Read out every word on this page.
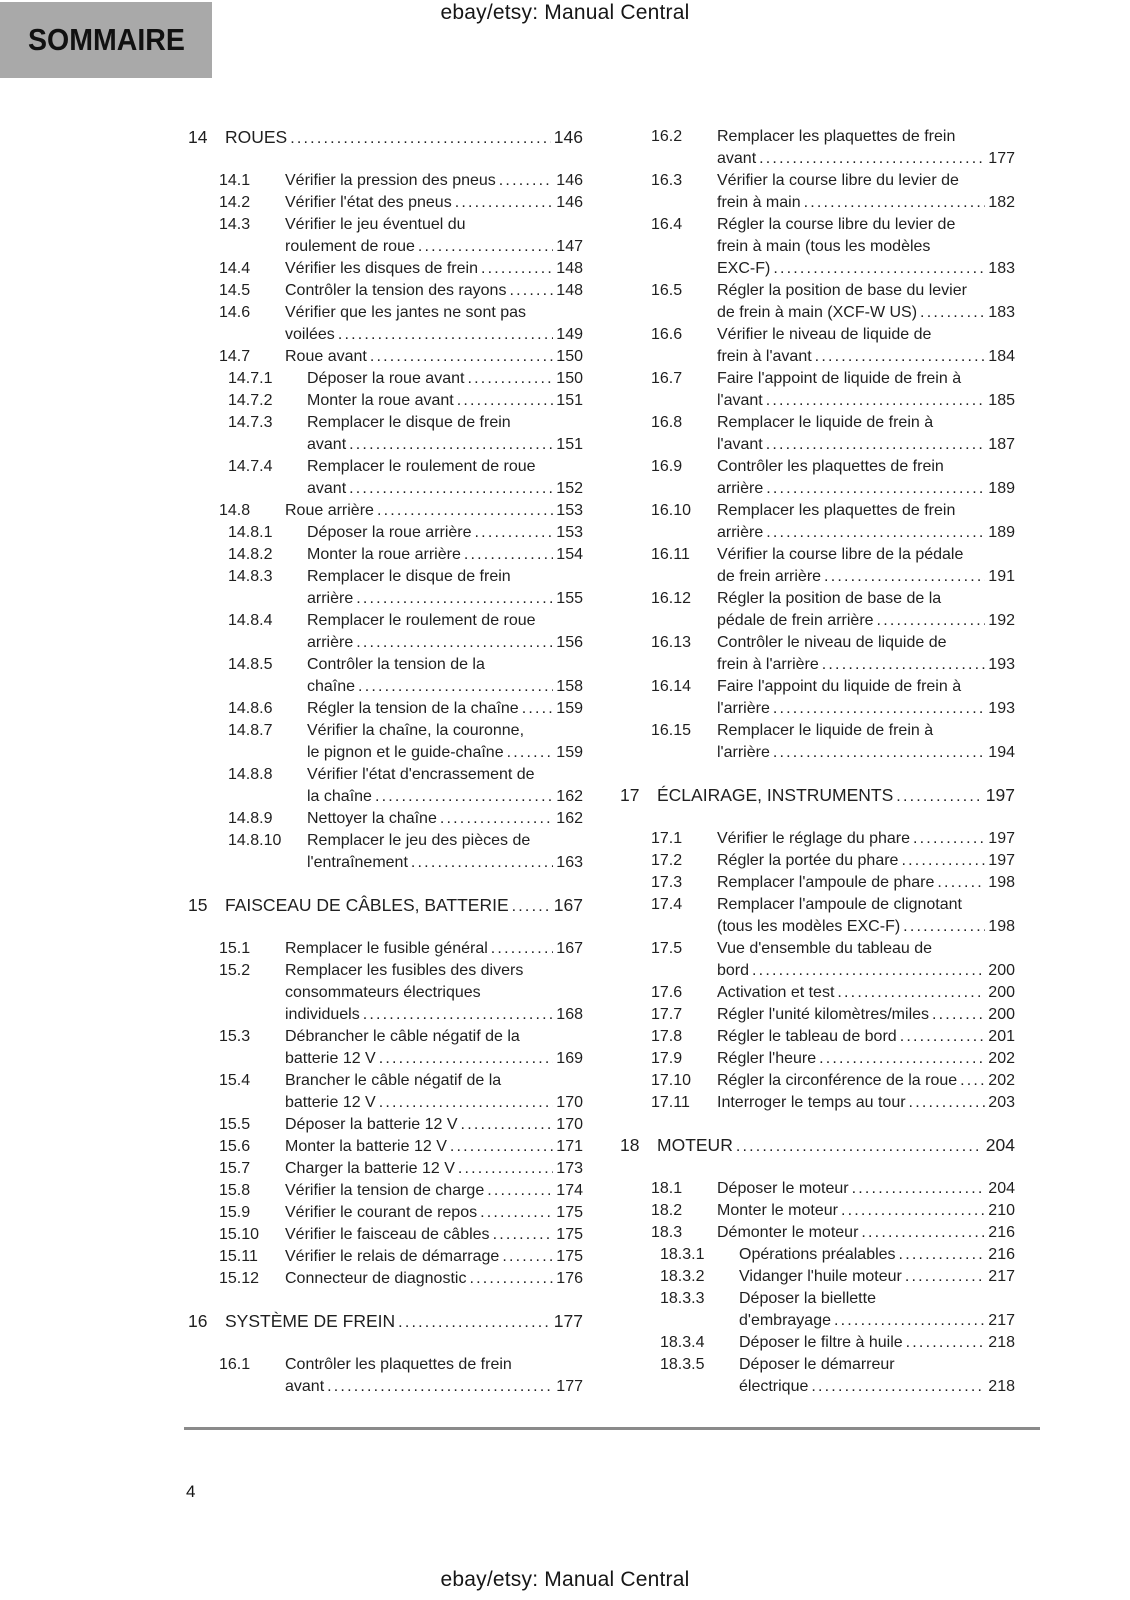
ebay/etsy: Manual Central
SOMMAIRE
14 ROUES .....	146
14.1 Vérifier la pression des pneus .....	146
14.2 Vérifier l'état des pneus .....	146
14.3 Vérifier le jeu éventuel du
roulement de roue .....	147
14.4 Vérifier les disques de frein .....	148
14.5 Contrôler la tension des rayons .....	148
14.6 Vérifier que les jantes ne sont pas
voilées .....	149
14.7 Roue avant .....	150
14.7.1 Déposer la roue avant .....	150
14.7.2 Monter la roue avant .....	151
14.7.3 Remplacer le disque de frein
avant .....	151
14.7.4 Remplacer le roulement de roue
avant .....	152
14.8 Roue arrière .....	153
14.8.1 Déposer la roue arrière .....	153
14.8.2 Monter la roue arrière .....	154
14.8.3 Remplacer le disque de frein
arrière .....	155
14.8.4 Remplacer le roulement de roue
arrière .....	156
14.8.5 Contrôler la tension de la
chaîne .....	158
14.8.6 Régler la tension de la chaîne ..... 159
14.8.7 Vérifier la chaîne, la couronne,
le pignon et le guide-chaîne .....	159
14.8.8 Vérifier l'état d'encrassement de
la chaîne .....	162
14.8.9 Nettoyer la chaîne .....	162
14.8.10 Remplacer le jeu des pièces de
l'entraînement .....	163
15 FAISCEAU DE CÂBLES, BATTERIE .....	167
15.1 Remplacer le fusible général .....	167
15.2 Remplacer les fusibles des divers
consommateurs électriques
individuels .....	168
15.3 Débrancher le câble négatif de la
batterie 12 V .....	169
15.4 Brancher le câble négatif de la
batterie 12 V .....	170
15.5 Déposer la batterie 12 V .....	170
15.6 Monter la batterie 12 V .....	171
15.7 Charger la batterie 12 V .....	173
15.8 Vérifier la tension de charge .....	174
15.9 Vérifier le courant de repos .....	175
15.10 Vérifier le faisceau de câbles .....	175
15.11 Vérifier le relais de démarrage .....	175
15.12 Connecteur de diagnostic .....	176
16 SYSTÈME DE FREIN .....	177
16.1 Contrôler les plaquettes de frein
avant .....	177
16.2 Remplacer les plaquettes de frein
avant .....	177
16.3 Vérifier la course libre du levier de
frein à main .....	182
16.4 Régler la course libre du levier de
frein à main (tous les modèles
EXC-F) .....	183
16.5 Régler la position de base du levier
de frein à main (XCF-W US) .....	183
16.6 Vérifier le niveau de liquide de
frein à l'avant .....	184
16.7 Faire l'appoint de liquide de frein à
l'avant .....	185
16.8 Remplacer le liquide de frein à
l'avant .....	187
16.9 Contrôler les plaquettes de frein
arrière .....	189
16.10 Remplacer les plaquettes de frein
arrière .....	189
16.11 Vérifier la course libre de la pédale
de frein arrière .....	191
16.12 Régler la position de base de la
pédale de frein arrière .....	192
16.13 Contrôler le niveau de liquide de
frein à l'arrière .....	193
16.14 Faire l'appoint du liquide de frein à
l'arrière .....	193
16.15 Remplacer le liquide de frein à
l'arrière .....	194
17 ÉCLAIRAGE, INSTRUMENTS .....	197
17.1 Vérifier le réglage du phare .....	197
17.2 Régler la portée du phare .....	197
17.3 Remplacer l'ampoule de phare .....	198
17.4 Remplacer l'ampoule de clignotant
(tous les modèles EXC-F) .....	198
17.5 Vue d'ensemble du tableau de
bord .....	200
17.6 Activation et test .....	200
17.7 Régler l'unité kilomètres/miles .....	200
17.8 Régler le tableau de bord .....	201
17.9 Régler l'heure .....	202
17.10 Régler la circonférence de la roue ..... 202
17.11 Interroger le temps au tour .....	203
18 MOTEUR .....	204
18.1 Déposer le moteur .....	204
18.2 Monter le moteur .....	210
18.3 Démonter le moteur .....	216
18.3.1 Opérations préalables .....	216
18.3.2 Vidanger l'huile moteur .....	217
18.3.3 Déposer la biellette
d'embrayage .....	217
18.3.4 Déposer le filtre à huile .....	218
18.3.5 Déposer le démarreur
électrique .....	218
4
ebay/etsy: Manual Central
